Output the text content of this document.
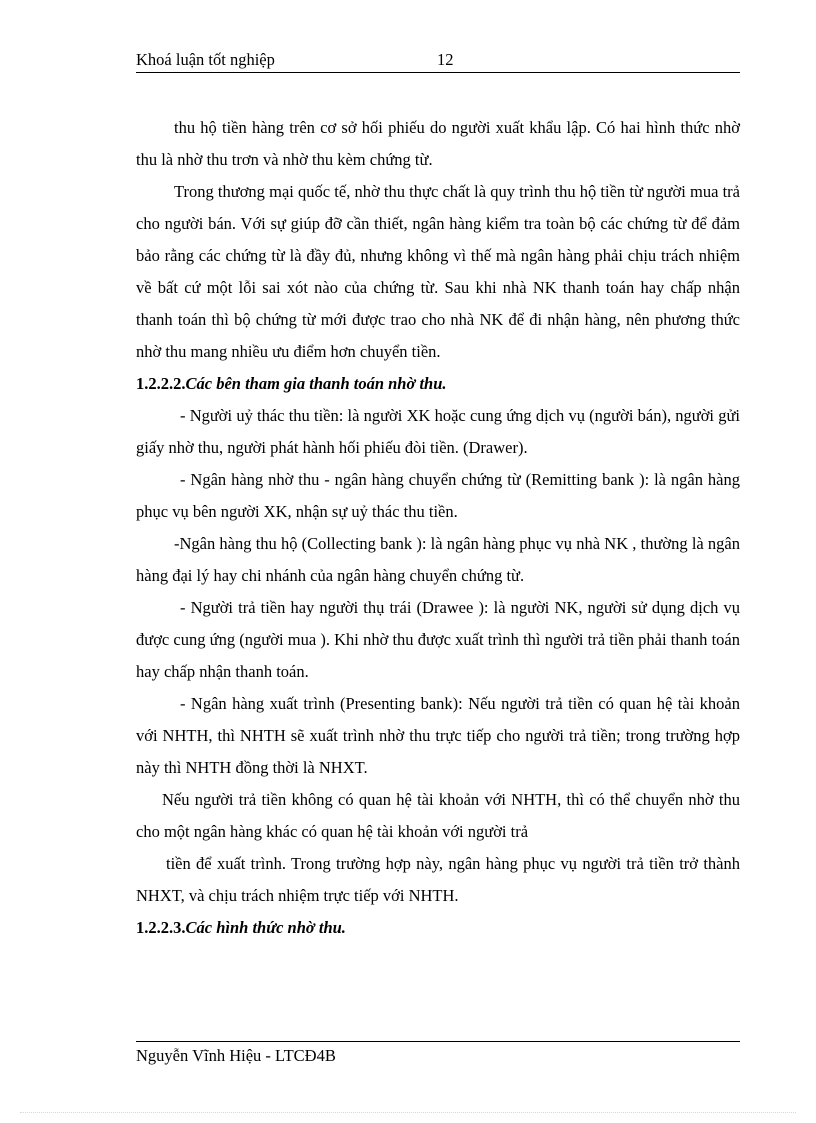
Khoá luận tốt nghiệp	12

thu hộ tiền hàng trên cơ sở hối phiếu do người xuất khẩu lập. Có hai hình thức nhờ thu là nhờ thu trơn và nhờ thu kèm chứng từ.

Trong thương mại quốc tế, nhờ thu thực chất là quy trình thu hộ tiền từ người mua trả cho người bán. Với sự giúp đỡ cần thiết, ngân hàng kiểm tra toàn bộ các chứng từ để đảm bảo rằng các chứng từ là đầy đủ, nhưng không vì thế mà ngân hàng phải chịu trách nhiệm về bất cứ một lỗi sai xót nào của chứng từ. Sau khi nhà NK thanh toán hay chấp nhận thanh toán thì bộ chứng từ mới được trao cho nhà NK để đi nhận hàng, nên phương thức nhờ thu mang nhiều ưu điểm hơn chuyển tiền.

1.2.2.2.Các bên tham gia thanh toán nhờ thu.

- Người uỷ thác thu tiền: là người XK hoặc cung ứng dịch vụ (người bán), người gửi giấy nhờ thu, người phát hành hối phiếu đòi tiền. (Drawer).

- Ngân hàng nhờ thu - ngân hàng chuyển chứng từ (Remitting bank ): là ngân hàng phục vụ bên người XK, nhận sự uỷ thác thu tiền.

-Ngân hàng thu hộ (Collecting bank ): là ngân hàng phục vụ nhà NK , thường là ngân hàng đại lý hay chi nhánh của ngân hàng chuyển chứng từ.

- Người trả tiền hay người thụ trái (Drawee ): là người NK, người sử dụng dịch vụ được cung ứng (người mua ). Khi nhờ thu được xuất trình thì người trả tiền phải thanh toán hay chấp nhận thanh toán.

- Ngân hàng xuất trình (Presenting bank): Nếu người trả tiền có quan hệ tài khoản với NHTH, thì NHTH sẽ xuất trình nhờ thu trực tiếp cho người trả tiền; trong trường hợp này thì NHTH đồng thời là NHXT.

Nếu người trả tiền không có quan hệ tài khoản với NHTH, thì có thể chuyển nhờ thu cho một ngân hàng khác có quan hệ tài khoản với người trả

tiền để xuất trình. Trong trường hợp này, ngân hàng phục vụ người trả tiền trở thành NHXT, và chịu trách nhiệm trực tiếp với NHTH.

1.2.2.3.Các hình thức nhờ thu.
Nguyễn Vĩnh Hiệu - LTCĐ4B
